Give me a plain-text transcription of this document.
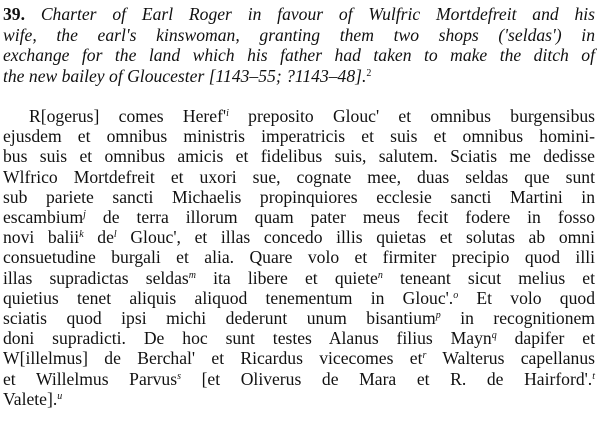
39. Charter of Earl Roger in favour of Wulfric Mortdefreit and his
wife, the earl's kinswoman, granting them two shops ('seldas') in
exchange for the land which his father had taken to make the ditch of
the new bailey of Gloucester [1143–55; ?1143–48].$^2$
R[ogerus] comes $Heref'^i$ preposito Glouc' et omnibus burgensibus
ejusdem et omnibus ministris imperatricis et suis et omnibus homini-
bus suis et omnibus amicis et fidelibus suis, salutem. Sciatis me dedisse
Wlfrico Mortdefreit et uxori sue, cognate mee, duas seldas que sunt
sub pariete sancti Michaelis propinquiores ecclesie sancti Martini in
escambium$^j$ de terra illorum quam pater meus fecit fodere in fosso
novi balii$^k$ $de^l$ Glouc', et illas concedo illis quietas et solutas ab omni
consuetudine burgali et alia. Quare volo et firmiter precipio quod illi
illas supradictas seldas$^m$ ita libere et quiete$^n$ teneant sicut melius et
quietius tenet aliquis aliquod tenementum in Glouc'.$^o$ Et volo quod
sciatis quod ipsi michi dederunt unum bisantium$^p$ in recognitionem
doni supradicti. De hoc sunt testes Alanus filius Mayn$^q$ dapifer et
W[illelmus] de Berchal' et Ricardus vicecomes $et^r$ Walterus capellanus
et Willelmus Parvus$^s$ [et Oliverus de Mara et R. de Hairford'.$^t$
Valete].$^u$
